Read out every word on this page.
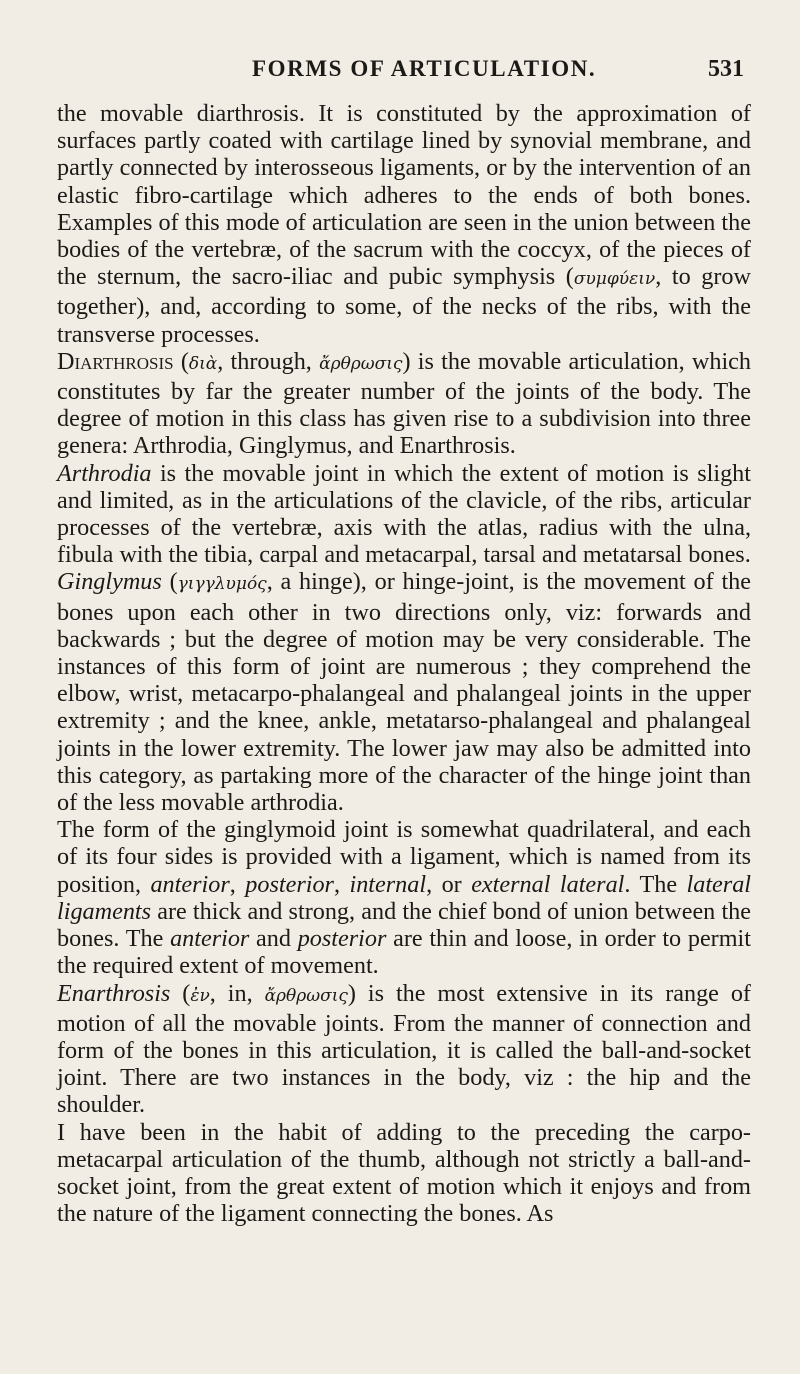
FORMS OF ARTICULATION.	531

the movable diarthrosis. It is constituted by the approximation of surfaces partly coated with cartilage lined by synovial membrane, and partly connected by interosseous ligaments, or by the intervention of an elastic fibro-cartilage which adheres to the ends of both bones. Examples of this mode of articulation are seen in the union between the bodies of the vertebræ, of the sacrum with the coccyx, of the pieces of the sternum, the sacro-iliac and pubic symphysis (συμφύειν, to grow together), and, according to some, of the necks of the ribs, with the transverse processes.

Diarthrosis (διὰ, through, ἄρθρωσις) is the movable articulation, which constitutes by far the greater number of the joints of the body. The degree of motion in this class has given rise to a subdivision into three genera: Arthrodia, Ginglymus, and Enarthrosis.

Arthrodia is the movable joint in which the extent of motion is slight and limited, as in the articulations of the clavicle, of the ribs, articular processes of the vertebræ, axis with the atlas, radius with the ulna, fibula with the tibia, carpal and metacarpal, tarsal and metatarsal bones.

Ginglymus (γιγγλυμός, a hinge), or hinge-joint, is the movement of the bones upon each other in two directions only, viz: forwards and backwards ; but the degree of motion may be very considerable. The instances of this form of joint are numerous ; they comprehend the elbow, wrist, metacarpo-phalangeal and phalangeal joints in the upper extremity ; and the knee, ankle, metatarso-phalangeal and phalangeal joints in the lower extremity. The lower jaw may also be admitted into this category, as partaking more of the character of the hinge joint than of the less movable arthrodia.

The form of the ginglymoid joint is somewhat quadrilateral, and each of its four sides is provided with a ligament, which is named from its position, anterior, posterior, internal, or external lateral. The lateral ligaments are thick and strong, and the chief bond of union between the bones. The anterior and posterior are thin and loose, in order to permit the required extent of movement.

Enarthrosis (ἐν, in, ἄρθρωσις) is the most extensive in its range of motion of all the movable joints. From the manner of connection and form of the bones in this articulation, it is called the ball-and-socket joint. There are two instances in the body, viz : the hip and the shoulder.

I have been in the habit of adding to the preceding the carpo-metacarpal articulation of the thumb, although not strictly a ball-and-socket joint, from the great extent of motion which it enjoys and from the nature of the ligament connecting the bones. As
